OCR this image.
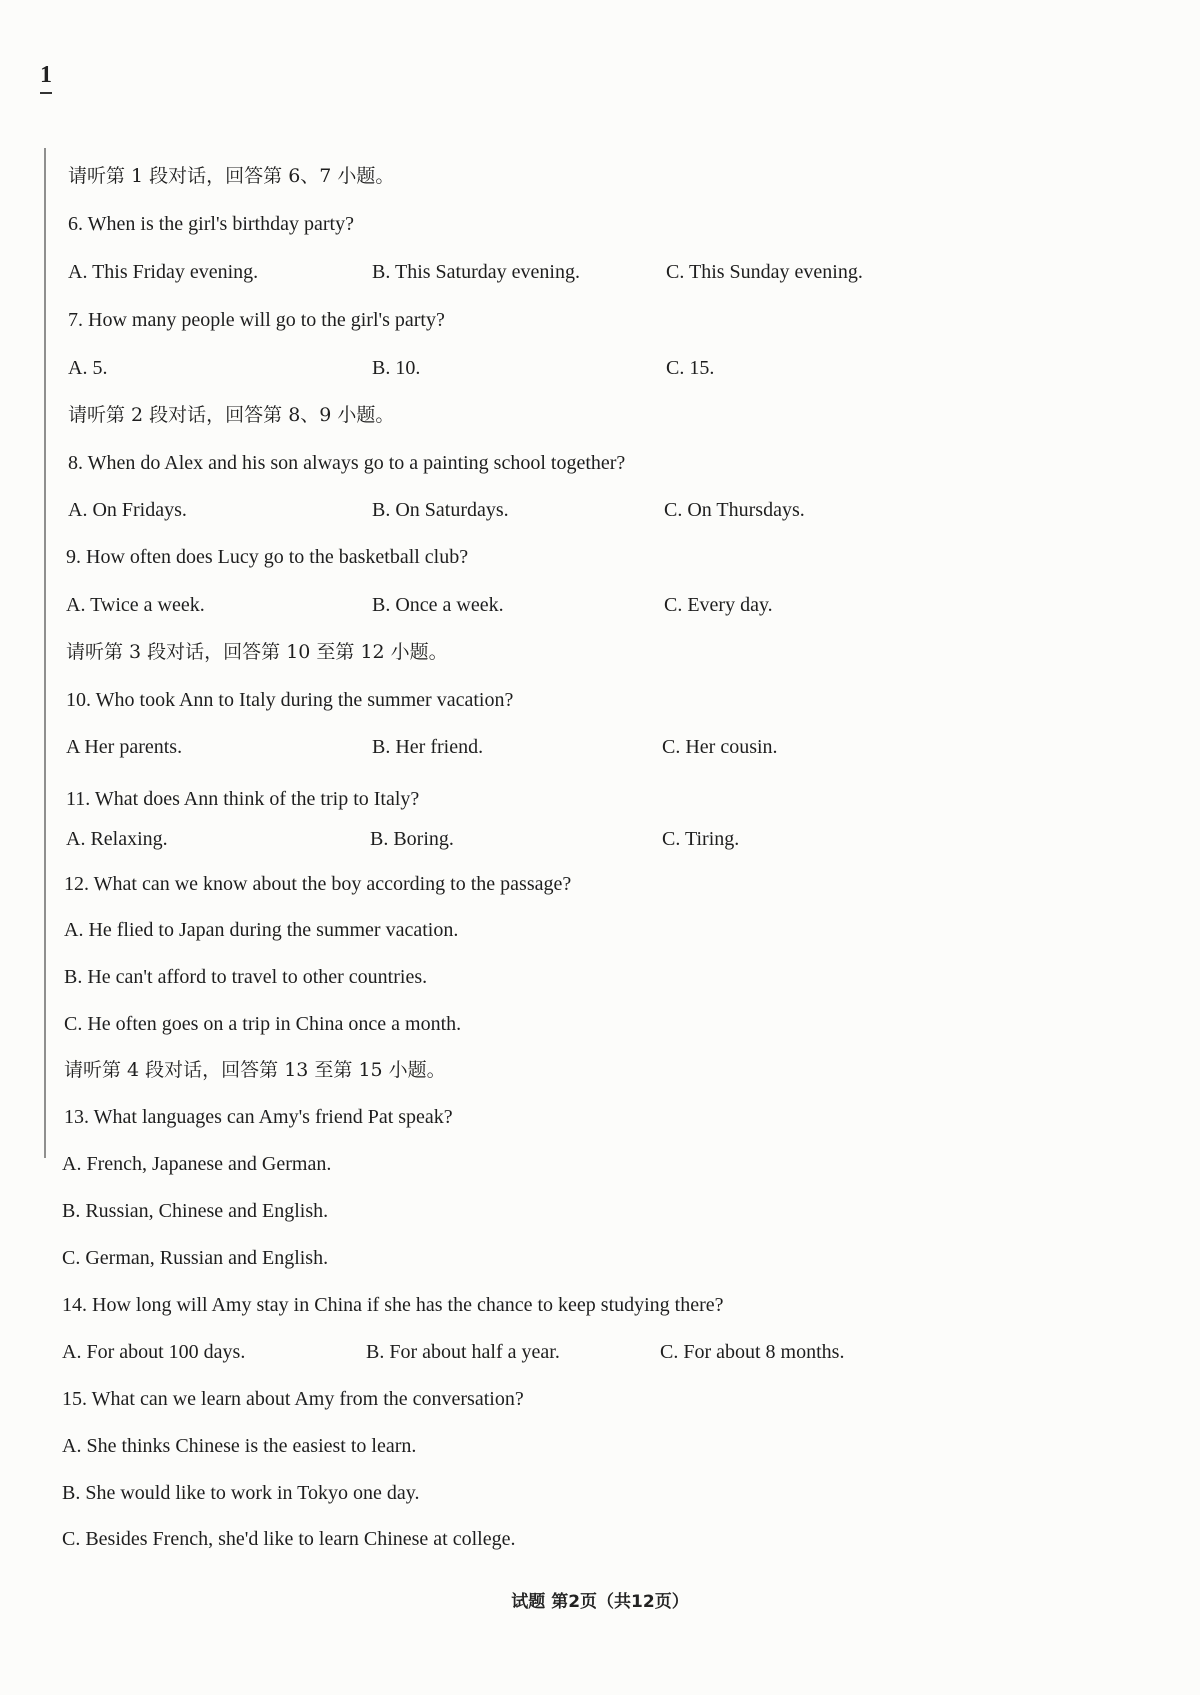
1
请听第 1 段对话，回答第 6、7 小题。
6. When is the girl's birthday party?
A. This Friday evening.	B. This Saturday evening.	C. This Sunday evening.
7. How many people will go to the girl's party?
A. 5.	B. 10.	C. 15.
请听第 2 段对话，回答第 8、9 小题。
8. When do Alex and his son always go to a painting school together?
A. On Fridays.	B. On Saturdays.	C. On Thursdays.
9. How often does Lucy go to the basketball club?
A. Twice a week.	B. Once a week.	C. Every day.
请听第 3 段对话，回答第 10 至第 12 小题。
10. Who took Ann to Italy during the summer vacation?
A Her parents.	B. Her friend.	C. Her cousin.
11. What does Ann think of the trip to Italy?
A. Relaxing.	B. Boring.	C. Tiring.
12. What can we know about the boy according to the passage?
A. He flied to Japan during the summer vacation.
B. He can't afford to travel to other countries.
C. He often goes on a trip in China once a month.
请听第 4 段对话，回答第 13 至第 15 小题。
13. What languages can Amy's friend Pat speak?
A. French, Japanese and German.
B. Russian, Chinese and English.
C. German, Russian and English.
14. How long will Amy stay in China if she has the chance to keep studying there?
A. For about 100 days.	B. For about half a year.	C. For about 8 months.
15. What can we learn about Amy from the conversation?
A. She thinks Chinese is the easiest to learn.
B. She would like to work in Tokyo one day.
C. Besides French, she'd like to learn Chinese at college.
试题 第2页（共12页）
